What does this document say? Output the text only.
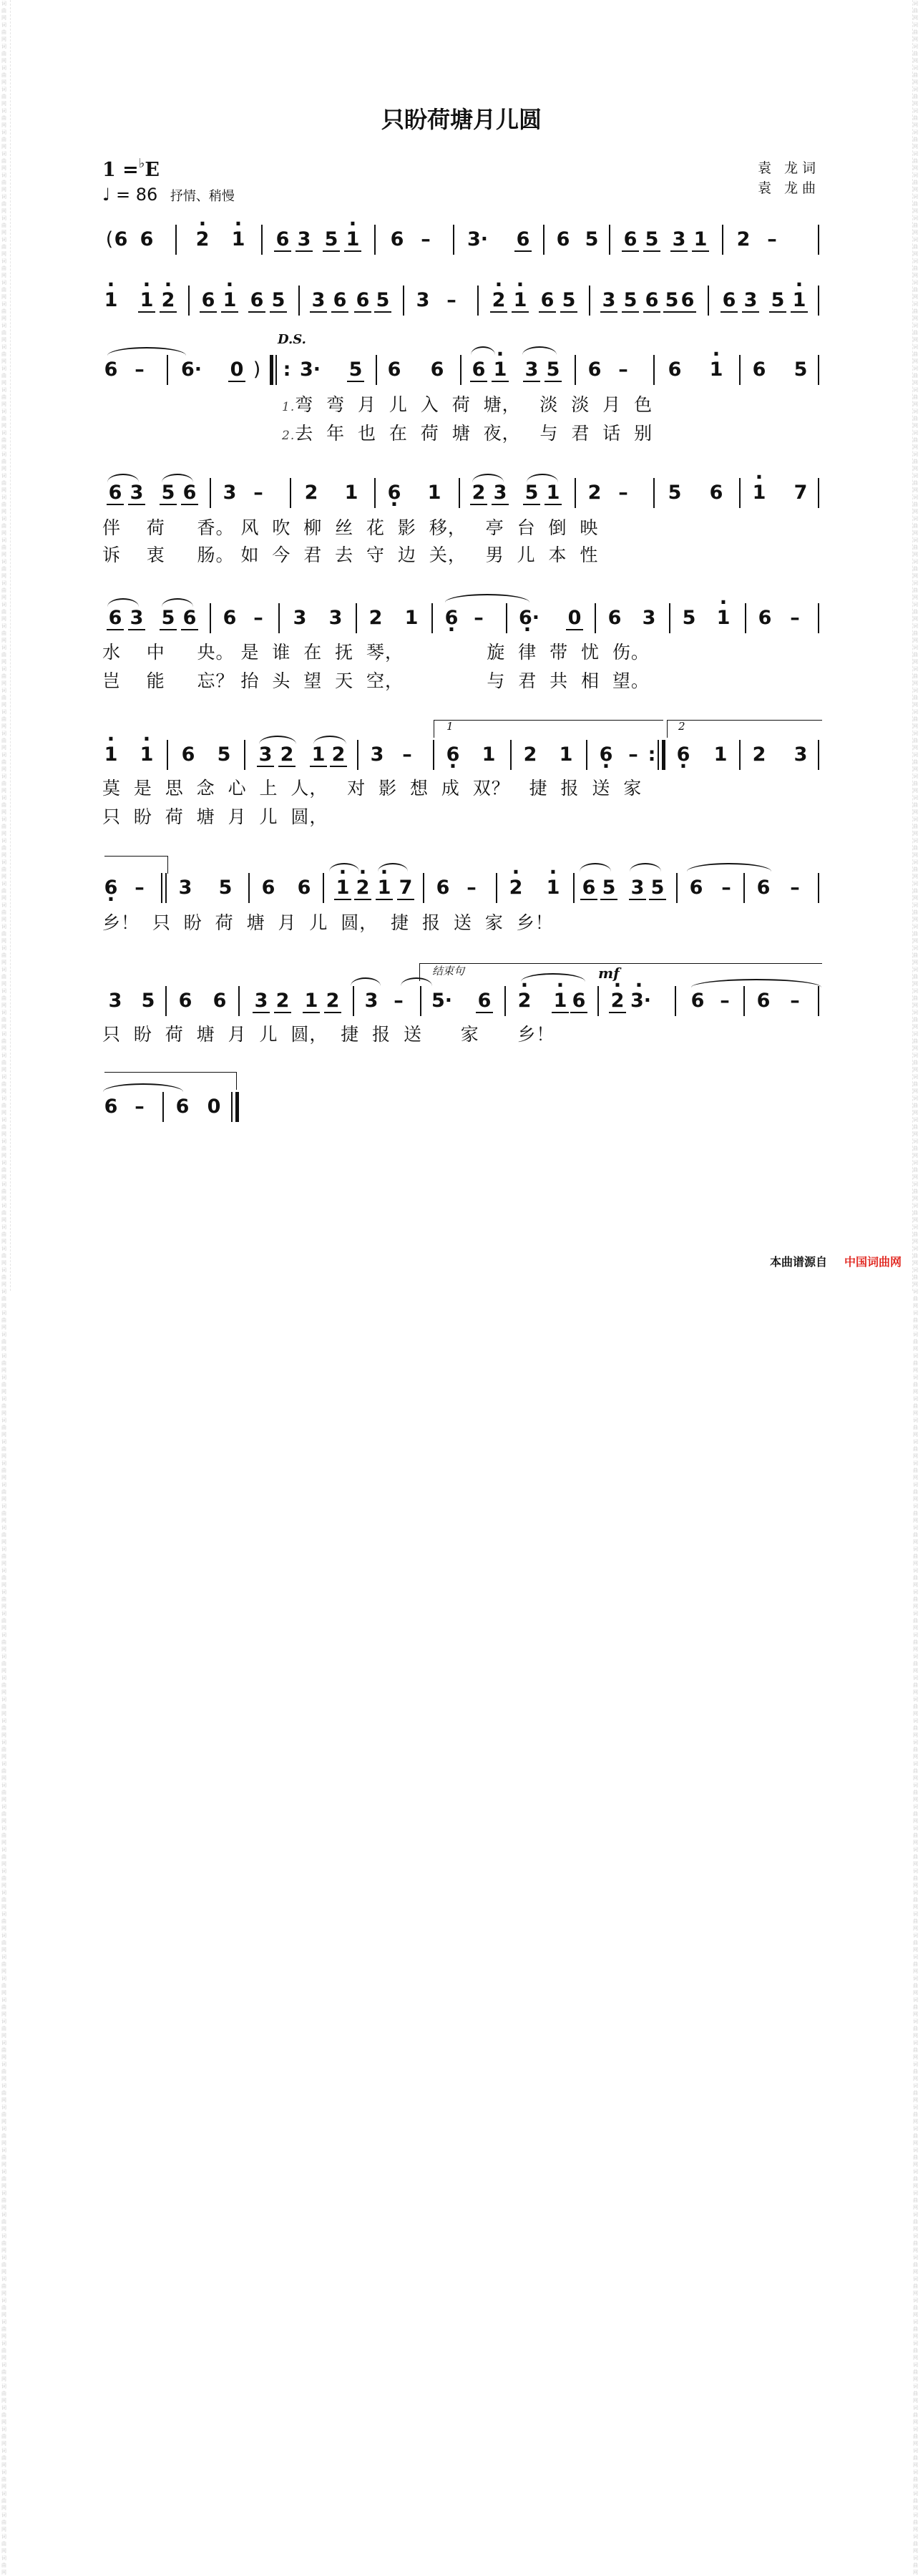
词曲网 词曲网 词曲网 词曲网 词曲网 词曲网 词曲网 词曲网 词曲网 词曲网 词曲网 词曲网 词曲网 词曲网 词曲网 词曲网 词曲网 词曲网 词曲网 词曲网 词曲网 词曲网 词曲网 词曲网 词曲网 词曲网 词曲网 词曲网 词曲网 词曲网 词曲网 词曲网 词曲网 词曲网 词曲网 词曲网 词曲网 词曲网 词曲网 词曲网 词曲网 词曲网 词曲网 词曲网 词曲网 词曲网 词曲网 词曲网 词曲网 词曲网 词曲网 词曲网 词曲网 词曲网 词曲网 词曲网 词曲网 词曲网 词曲网 词曲网 词曲网 词曲网 词曲网 词曲网 词曲网 词曲网 词曲网 词曲网 词曲网 词曲网 词曲网 词曲网 词曲网 词曲网 词曲网 词曲网 词曲网 词曲网 词曲网 词曲网 词曲网 词曲网 词曲网 词曲网 词曲网 词曲网 词曲网 词曲网 词曲网 词曲网 词曲网 词曲网 词曲网 词曲网 词曲网 词曲网 词曲网 词曲网 词曲网 词曲网 词曲网 词曲网 词曲网 词曲网 词曲网 词曲网 词曲网 词曲网 词曲网 词曲网 词曲网 词曲网 词曲网 词曲网 词曲网 词曲网 词曲网 词曲网 词曲网 词曲网
词曲网 词曲网 词曲网 词曲网 词曲网 词曲网 词曲网 词曲网 词曲网 词曲网 词曲网 词曲网 词曲网 词曲网 词曲网 词曲网 词曲网 词曲网 词曲网 词曲网 词曲网 词曲网 词曲网 词曲网 词曲网 词曲网 词曲网 词曲网 词曲网 词曲网 词曲网 词曲网 词曲网 词曲网 词曲网 词曲网 词曲网 词曲网 词曲网 词曲网 词曲网 词曲网 词曲网 词曲网 词曲网 词曲网 词曲网 词曲网 词曲网 词曲网 词曲网 词曲网 词曲网 词曲网 词曲网 词曲网 词曲网 词曲网 词曲网 词曲网 词曲网 词曲网 词曲网 词曲网 词曲网 词曲网 词曲网 词曲网 词曲网 词曲网 词曲网 词曲网 词曲网 词曲网 词曲网 词曲网 词曲网 词曲网 词曲网 词曲网 词曲网 词曲网 词曲网 词曲网 词曲网 词曲网 词曲网 词曲网 词曲网 词曲网 词曲网 词曲网 词曲网 词曲网 词曲网 词曲网 词曲网 词曲网 词曲网 词曲网 词曲网 词曲网 词曲网 词曲网 词曲网 词曲网 词曲网 词曲网 词曲网 词曲网 词曲网 词曲网 词曲网 词曲网 词曲网 词曲网 词曲网 词曲网 词曲网 词曲网
只盼荷塘月儿圆
1 =♭E
♩ = 86 抒情、稍慢
袁 龙词
袁 龙曲
( 6 6 · 2 · 1 6 3 5 · 1 6 – 3· 6 6 5 6 5 3 1 2 –
· 1 · 1 · 2 6 · 1 6 5 3 6 6 5 3 – · 2 · 1 6 5 3 5 6 5 6 6 3 5 · 1
D.S.
6 – 6· 0 ) : 3· 5 6 6 6 · 1 3 5 6 – 6 · 1 6 5
1.弯  弯  月  儿  入  荷  塘，   淡  淡  月  色
2.去  年  也  在  荷  塘  夜，   与  君  话  别
6 3 5 6 3 – 2 1 6 · 1 2 3 5 1 2 – 5 6 · 1 7
伴    荷     香。 风  吹  柳  丝  花  影  移，   亭  台  倒  映
诉    衷     肠。 如  今  君  去  守  边  关，   男  儿  本  性
6 3 5 6 6 – 3 3 2 1 6 · – 6· · 0 6 3 5 · 1 6 –
水    中     央。 是  谁  在  抚  琴，             旋  律  带  忧  伤。
岂    能     忘？ 抬  头  望  天  空，             与  君  共  相  望。
1	2
· 1 · 1 6 5 3 2 1 2 3 – 6 · 1 2 1 6 · – : 6 · 1 2 3
莫  是  思  念  心  上  人，   对  影  想  成  双？   捷  报  送  家
只  盼  荷  塘  月  儿  圆，
6 · – 3 5 6 6 · 1 · 2 · 1 7 6 – · 2 · 1 6 5 3 5 6 – 6 –
乡！  只  盼  荷  塘  月  儿  圆，  捷  报  送  家  乡！
结束句	mf
3 5 6 6 3 2 1 2 3 – 5· 6 · 2 · 1 6 · 2 · 3· 6 – 6 –
只  盼  荷  塘  月  儿  圆，  捷  报  送      家      乡！
6 – 6 0
本曲谱源自 中国词曲网
